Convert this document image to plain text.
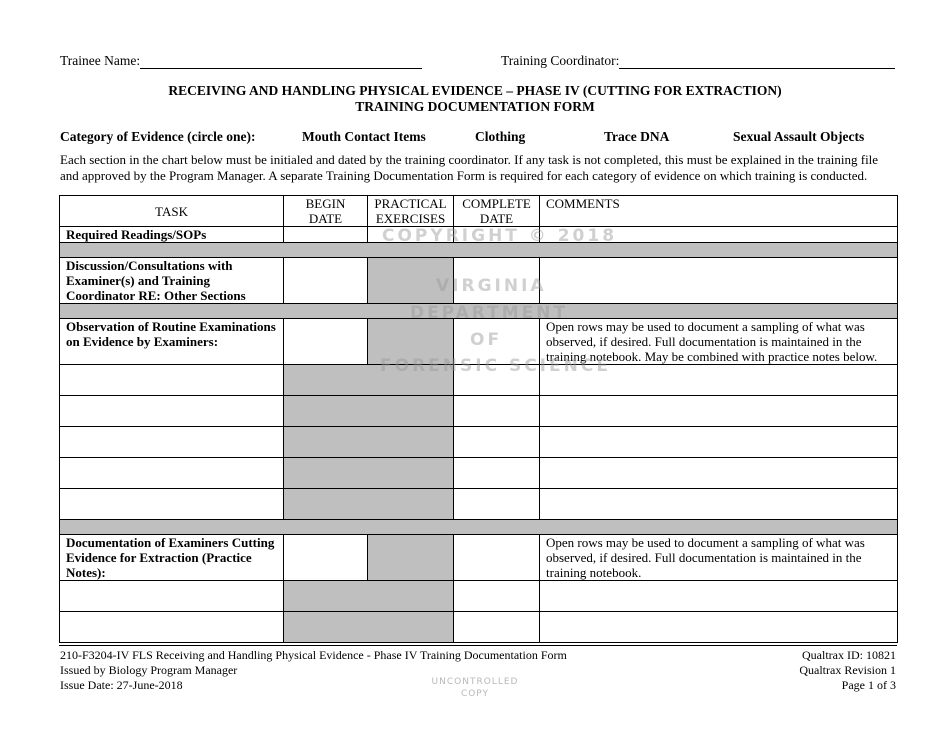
Trainee Name:	Training Coordinator:
RECEIVING AND HANDLING PHYSICAL EVIDENCE – PHASE IV (CUTTING FOR EXTRACTION)
TRAINING DOCUMENTATION FORM
Category of Evidence (circle one):	Mouth Contact Items	Clothing	Trace DNA	Sexual Assault Objects
Each section in the chart below must be initialed and dated by the training coordinator. If any task is not completed, this must be explained in the training file and approved by the Program Manager. A separate Training Documentation Form is required for each category of evidence on which training is conducted.
TASK	BEGIN DATE	PRACTICAL EXERCISES	COMPLETE DATE	COMMENTS
Required Readings/SOPs				

Discussion/Consultations with Examiner(s) and Training Coordinator RE: Other Sections				

Observation of Routine Examinations on Evidence by Examiners:				Open rows may be used to document a sampling of what was observed, if desired. Full documentation is maintained in the training notebook. May be combined with practice notes below.

Documentation of Examiners Cutting Evidence for Extraction (Practice Notes):				Open rows may be used to document a sampling of what was observed, if desired. Full documentation is maintained in the training notebook.

COPYRIGHT © 2018
VIRGINIA
DEPARTMENT
OF
FORENSIC SCIENCE
210-F3204-IV FLS Receiving and Handling Physical Evidence - Phase IV Training Documentation Form
Issued by Biology Program Manager
Issue Date: 27-June-2018
Qualtrax ID: 10821
Qualtrax Revision 1
Page 1 of 3
UNCONTROLLED
COPY
